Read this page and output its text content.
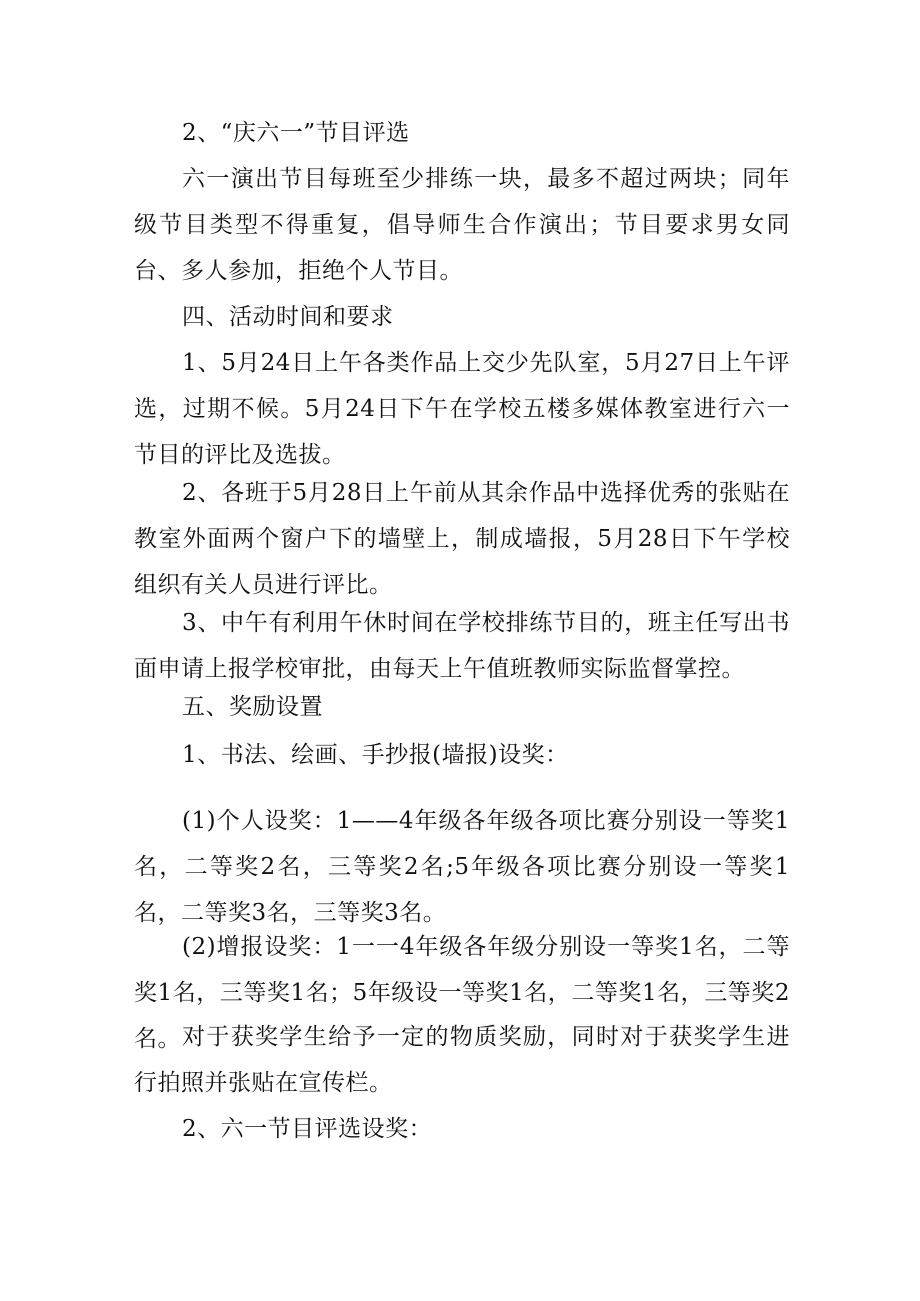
2、“庆六一”节目评选

六一演出节目每班至少排练一块，最多不超过两块；同年级节目类型不得重复，倡导师生合作演出；节目要求男女同台、多人参加，拒绝个人节目。

四、活动时间和要求

1、5月24日上午各类作品上交少先队室，5月27日上午评选，过期不候。5月24日下午在学校五楼多媒体教室进行六一节目的评比及选拔。

2、各班于5月28日上午前从其余作品中选择优秀的张贴在教室外面两个窗户下的墙壁上，制成墙报，5月28日下午学校组织有关人员进行评比。

3、中午有利用午休时间在学校排练节目的，班主任写出书面申请上报学校审批，由每天上午值班教师实际监督掌控。

五、奖励设置

1、书法、绘画、手抄报(墙报)设奖：

(1)个人设奖：1——4年级各年级各项比赛分别设一等奖1名，二等奖2名，三等奖2名;5年级各项比赛分别设一等奖1名，二等奖3名，三等奖3名。

(2)增报设奖：1一一4年级各年级分别设一等奖1名，二等奖1名，三等奖1名；5年级设一等奖1名，二等奖1名，三等奖2名。 对于获奖学生给予一定的物质奖励，同时对于获奖学生进行拍照并张贴在宣传栏。

2、六一节目评选设奖：
